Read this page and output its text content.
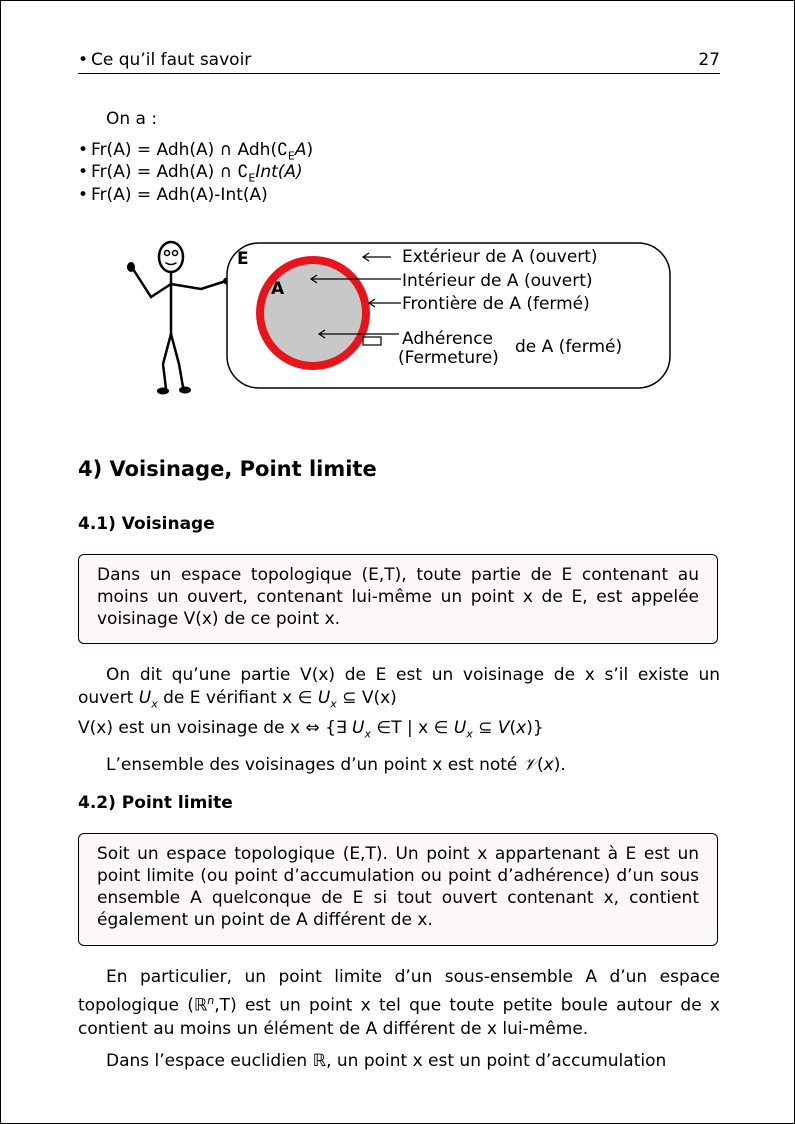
• Ce qu’il faut savoir	27
On a :
• Fr(A) = Adh(A) ∩ $Adh(∁_EA)$
• Fr(A) = Adh(A) ∩ $∁_EInt(A)$
• Fr(A) = Adh(A)-Int(A)
E
A
Extérieur de A (ouvert)
Intérieur de A (ouvert)
Frontière de A (fermé)
Adhérence
(Fermeture)
de A (fermé)
4) Voisinage, Point limite
4.1) Voisinage
Dans un espace topologique (E,T), toute partie de E contenant au moins un ouvert, contenant lui-même un point x de E, est appelée voisinage V(x) de ce point x.
On dit qu’une partie V(x) de E est un voisinage de x s’il existe un ouvert $U_x$ de E vérifiant x ∈ $U_x$ ⊆ V(x)
V(x) est un voisinage de x ⇔ {∃ $U_x$ ∈T | x ∈ $U_x$ ⊆ V(x)}
L’ensemble des voisinages d’un point x est noté 𝒱(x).
4.2) Point limite
Soit un espace topologique (E,T). Un point x appartenant à E est un point limite (ou point d’accumulation ou point d’adhérence) d’un sous ensemble A quelconque de E si tout ouvert contenant x, contient également un point de A différent de x.
En particulier, un point limite d’un sous-ensemble A d’un espace topologique (ℝ$^n$,T) est un point x tel que toute petite boule autour de x contient au moins un élément de A différent de x lui-même.
Dans l’espace euclidien ℝ, un point x est un point d’accumulation
